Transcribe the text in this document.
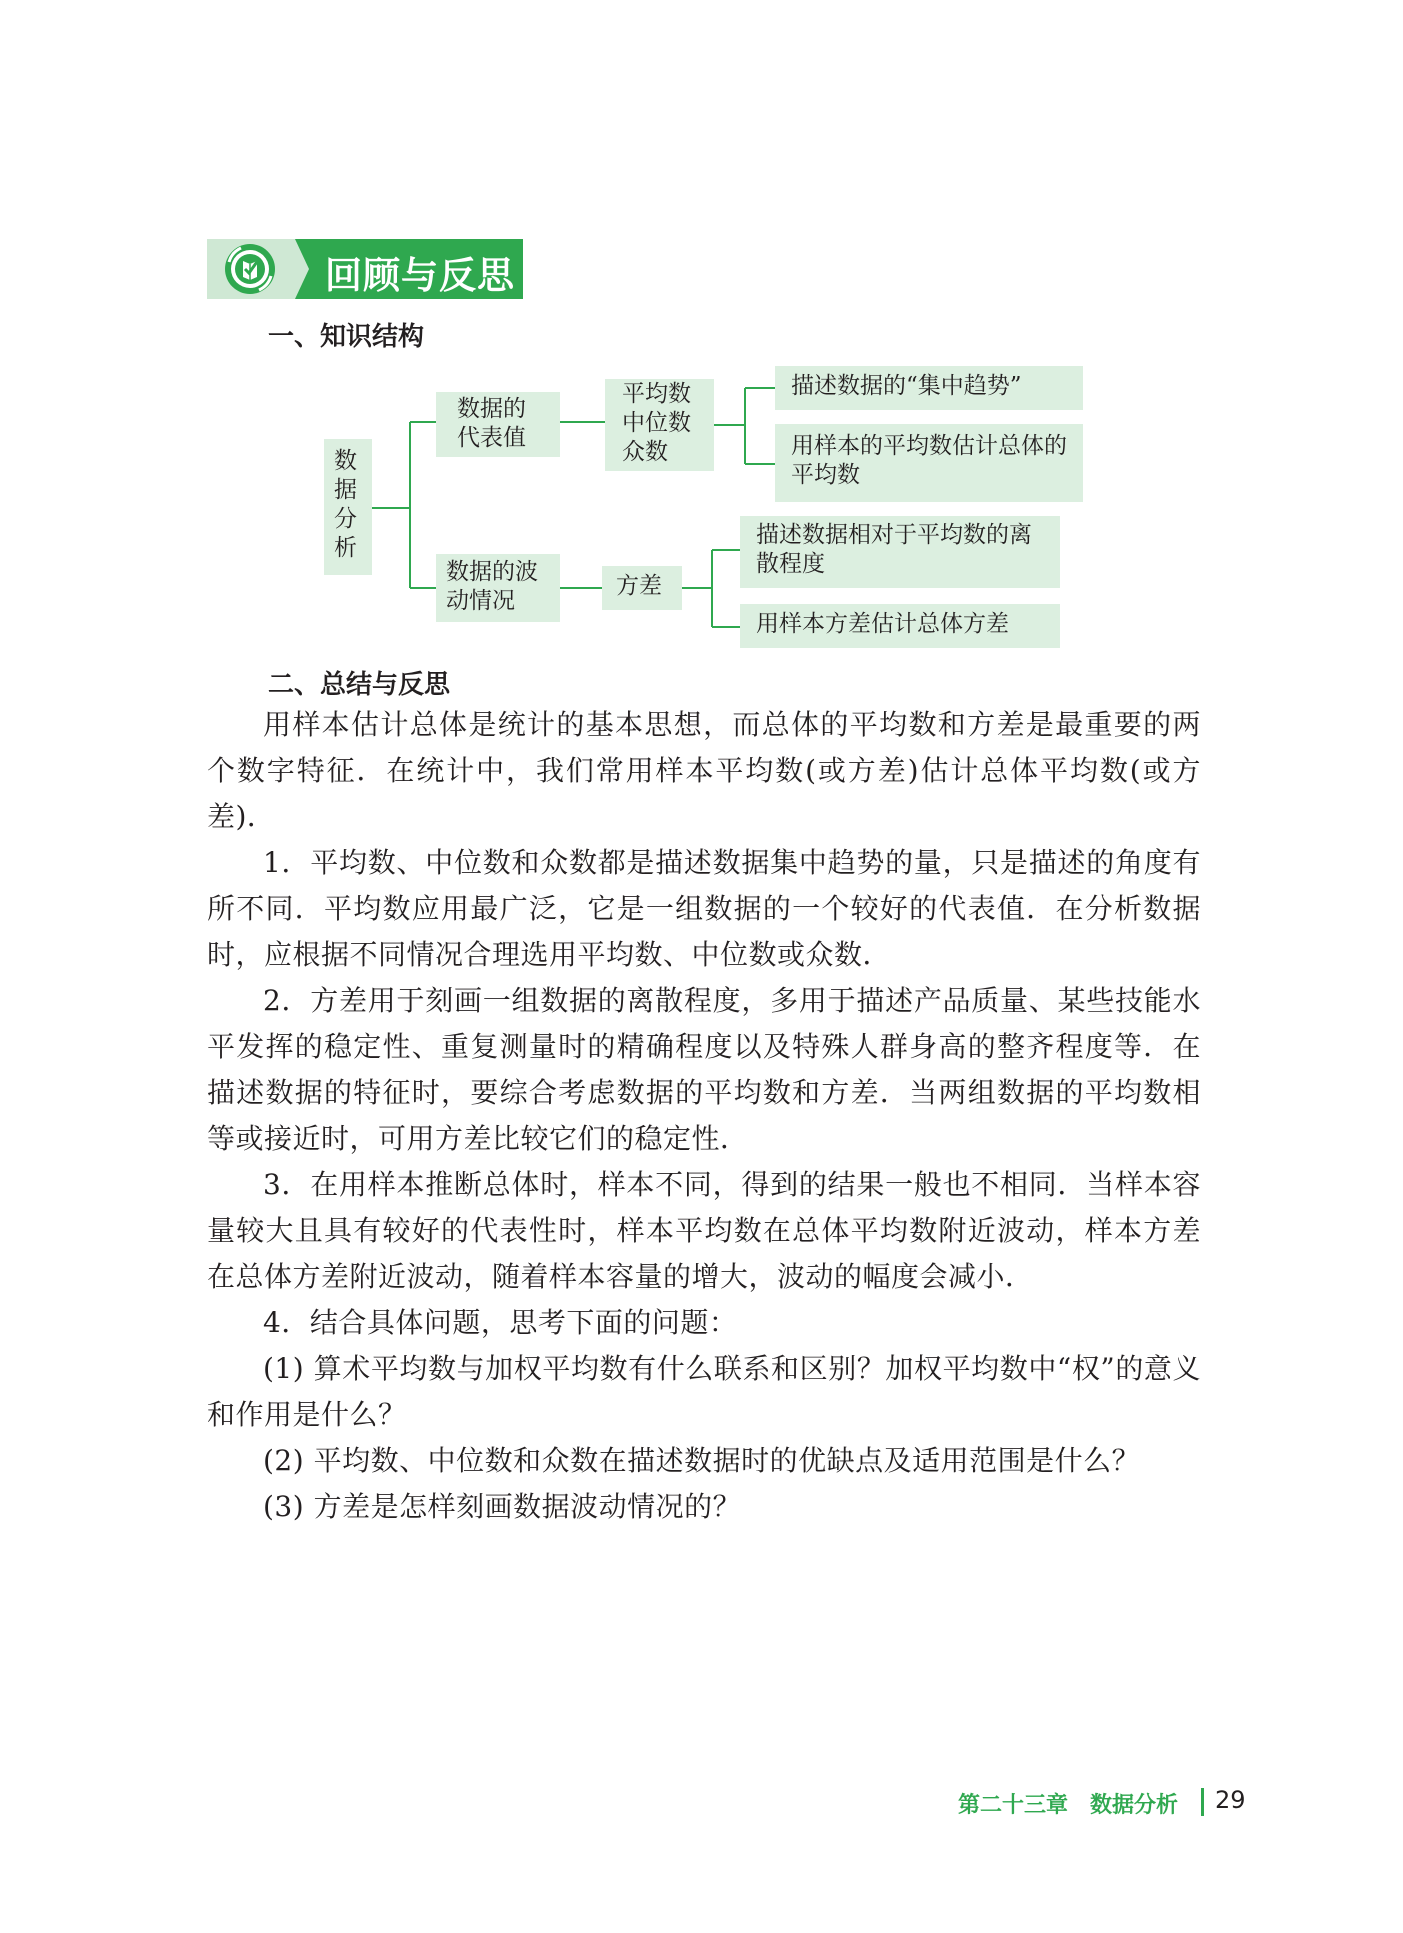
回顾与反思
一、知识结构
数据分析
数据的代表值
平均数
中位数
众数
描述数据的“集中趋势”
用样本的平均数估计总体的平均数
数据的波动情况
方差
描述数据相对于平均数的离散程度
用样本方差估计总体方差
二、总结与反思

用样本估计总体是统计的基本思想，而总体的平均数和方差是最重要的两个数字特征．在统计中，我们常用样本平均数(或方差)估计总体平均数(或方差)．

1．平均数、中位数和众数都是描述数据集中趋势的量，只是描述的角度有所不同．平均数应用最广泛，它是一组数据的一个较好的代表值．在分析数据时，应根据不同情况合理选用平均数、中位数或众数．

2．方差用于刻画一组数据的离散程度，多用于描述产品质量、某些技能水平发挥的稳定性、重复测量时的精确程度以及特殊人群身高的整齐程度等．在描述数据的特征时，要综合考虑数据的平均数和方差．当两组数据的平均数相等或接近时，可用方差比较它们的稳定性．

3．在用样本推断总体时，样本不同，得到的结果一般也不相同．当样本容量较大且具有较好的代表性时，样本平均数在总体平均数附近波动，样本方差在总体方差附近波动，随着样本容量的增大，波动的幅度会减小．

4．结合具体问题，思考下面的问题：

(1) 算术平均数与加权平均数有什么联系和区别？加权平均数中“权”的意义和作用是什么？

(2) 平均数、中位数和众数在描述数据时的优缺点及适用范围是什么？

(3) 方差是怎样刻画数据波动情况的？

第二十三章　数据分析 29
